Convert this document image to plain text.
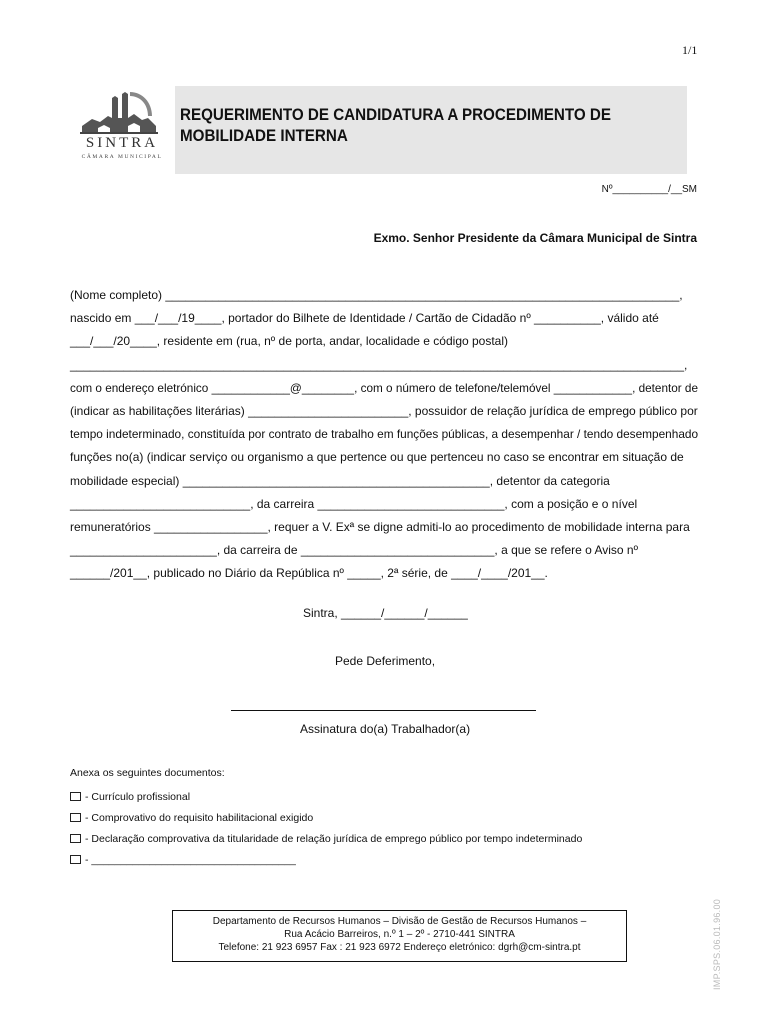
1/1
SINTRA
CÂMARA MUNICIPAL
REQUERIMENTO DE CANDIDATURA A PROCEDIMENTO DE MOBILIDADE INTERNA
Nº__________/__SM
Exmo. Senhor Presidente da Câmara Municipal de Sintra
(Nome completo) _____________________________________________________________________________,
nascido em ___/___/19____, portador do Bilhete de Identidade / Cartão de Cidadão nº __________, válido até
___/___/20____, residente em (rua, nº de porta, andar, localidade e código postal)
____________________________________________________________________________________________,
com o endereço eletrónico ____________@________, com o número de telefone/telemóvel ____________, detentor de
(indicar as habilitações literárias) ________________________, possuidor de relação jurídica de emprego público por
tempo indeterminado, constituída por contrato de trabalho em funções públicas, a desempenhar / tendo desempenhado
funções no(a) (indicar serviço ou organismo a que pertence ou que pertenceu no caso se encontrar em situação de
mobilidade especial) ______________________________________________, detentor da categoria
___________________________, da carreira ____________________________, com a posição e o nível
remuneratórios _________________, requer a V. Exª se digne admiti-lo ao procedimento de mobilidade interna para
______________________, da carreira de _____________________________, a que se refere o Aviso nº
______/201__, publicado no Diário da República nº _____, 2ª série, de ____/____/201__.
Sintra, ______/______/______
Pede Deferimento,
Assinatura do(a) Trabalhador(a)
Anexa os seguintes documentos:
- Currículo profissional
- Comprovativo do requisito habilitacional exigido
- Declaração comprovativa da titularidade de relação jurídica de emprego público por tempo indeterminado
- ___________________________________
Departamento de Recursos Humanos – Divisão de Gestão de Recursos Humanos –
Rua Acácio Barreiros, n.º 1 – 2º - 2710-441 SINTRA
Telefone: 21 923 6957 Fax : 21 923 6972 Endereço eletrónico: dgrh@cm-sintra.pt	IMP.SPS.06.01.96.00
